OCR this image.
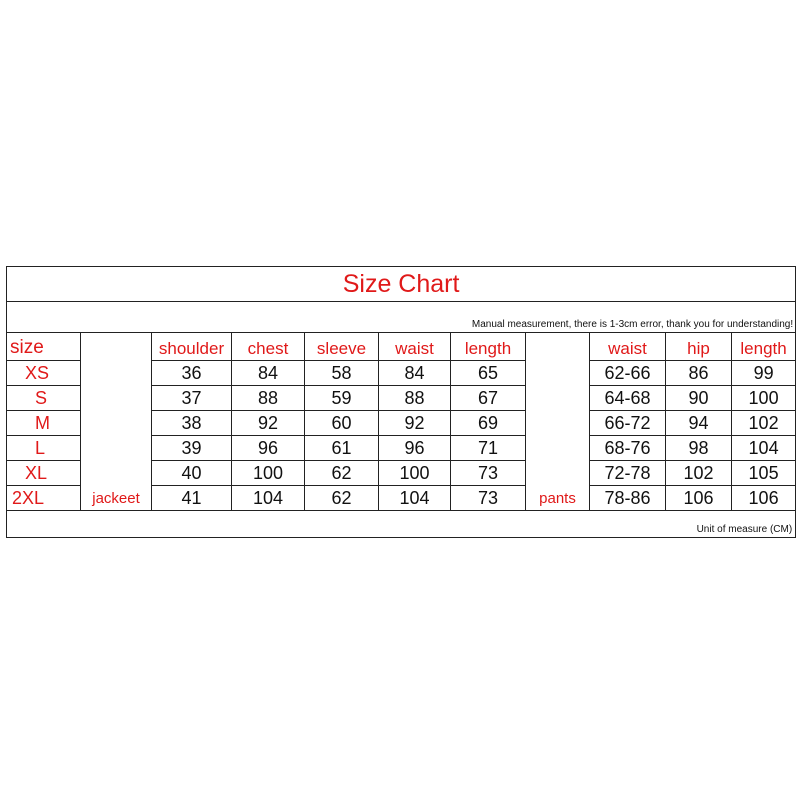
Size Chart										
Manual measurement, there is 1-3cm error, thank you for understanding!										
size	jackeet	shoulder	chest	sleeve	waist	length	pants	waist	hip	length
XS		36	84	58	84	65		62-66	86	99
S		37	88	59	88	67		64-68	90	100
M		38	92	60	92	69		66-72	94	102
L		39	96	61	96	71		68-76	98	104
XL		40	100	62	100	73		72-78	102	105
2XL		41	104	62	104	73		78-86	106	106
Unit of measure (CM)										
